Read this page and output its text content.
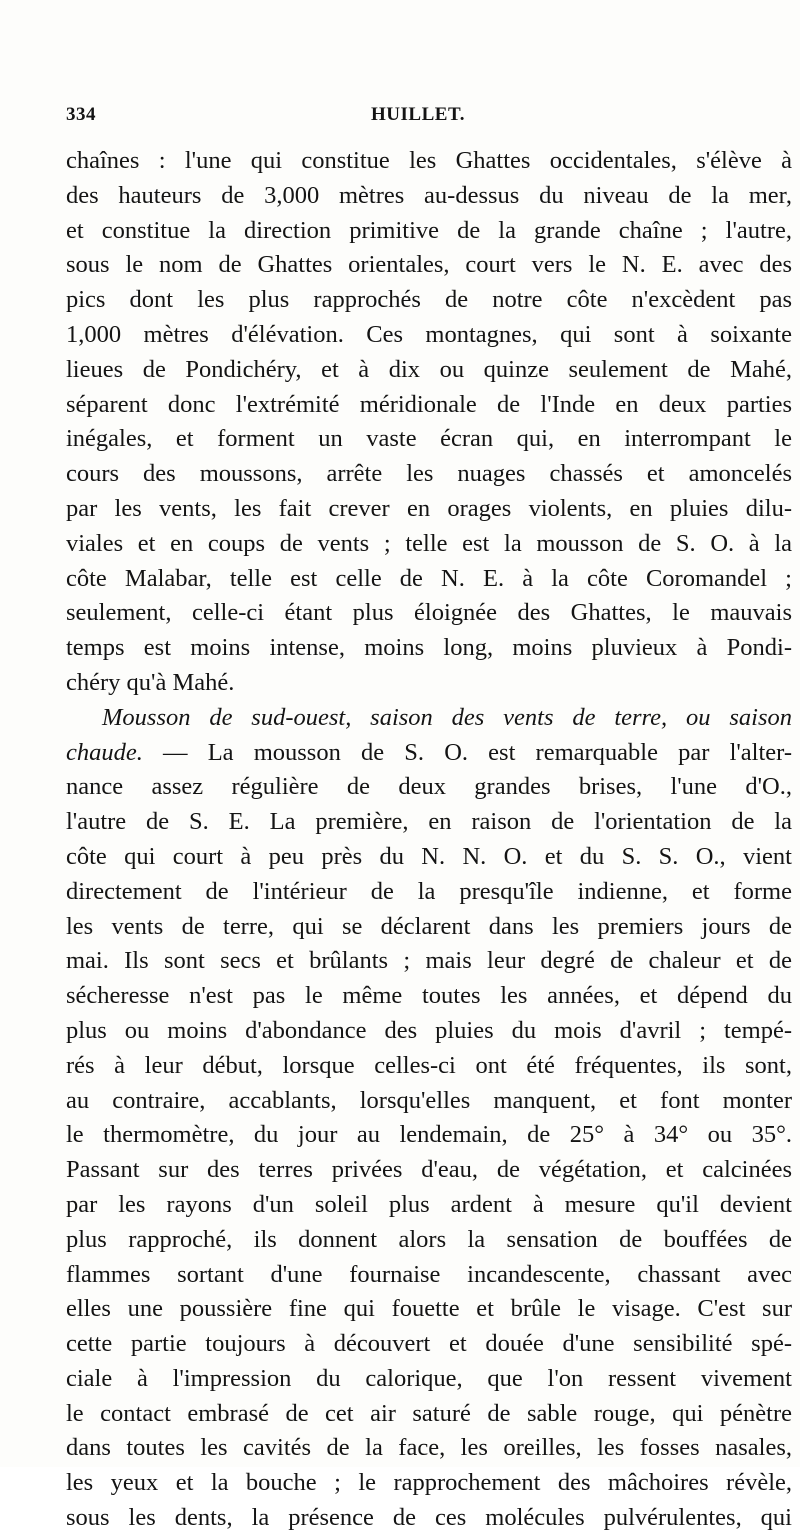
334	HUILLET.
chaînes : l'une qui constitue les Ghattes occidentales, s'élève à
des hauteurs de 3,000 mètres au-dessus du niveau de la mer,
et constitue la direction primitive de la grande chaîne ; l'autre,
sous le nom de Ghattes orientales, court vers le N. E. avec des
pics dont les plus rapprochés de notre côte n'excèdent pas
1,000 mètres d'élévation. Ces montagnes, qui sont à soixante
lieues de Pondichéry, et à dix ou quinze seulement de Mahé,
séparent donc l'extrémité méridionale de l'Inde en deux parties
inégales, et forment un vaste écran qui, en interrompant le
cours des moussons, arrête les nuages chassés et amoncelés
par les vents, les fait crever en orages violents, en pluies dilu-
viales et en coups de vents ; telle est la mousson de S. O. à la
côte Malabar, telle est celle de N. E. à la côte Coromandel ;
seulement, celle-ci étant plus éloignée des Ghattes, le mauvais
temps est moins intense, moins long, moins pluvieux à Pondi-
chéry qu'à Mahé.
Mousson de sud-ouest, saison des vents de terre, ou saison
chaude. — La mousson de S. O. est remarquable par l'alter-
nance assez régulière de deux grandes brises, l'une d'O.,
l'autre de S. E. La première, en raison de l'orientation de la
côte qui court à peu près du N. N. O. et du S. S. O., vient
directement de l'intérieur de la presqu'île indienne, et forme
les vents de terre, qui se déclarent dans les premiers jours de
mai. Ils sont secs et brûlants ; mais leur degré de chaleur et de
sécheresse n'est pas le même toutes les années, et dépend du
plus ou moins d'abondance des pluies du mois d'avril ; tempé-
rés à leur début, lorsque celles-ci ont été fréquentes, ils sont,
au contraire, accablants, lorsqu'elles manquent, et font monter
le thermomètre, du jour au lendemain, de 25° à 34° ou 35°.
Passant sur des terres privées d'eau, de végétation, et calcinées
par les rayons d'un soleil plus ardent à mesure qu'il devient
plus rapproché, ils donnent alors la sensation de bouffées de
flammes sortant d'une fournaise incandescente, chassant avec
elles une poussière fine qui fouette et brûle le visage. C'est sur
cette partie toujours à découvert et douée d'une sensibilité spé-
ciale à l'impression du calorique, que l'on ressent vivement
le contact embrasé de cet air saturé de sable rouge, qui pénètre
dans toutes les cavités de la face, les oreilles, les fosses nasales,
les yeux et la bouche ; le rapprochement des mâchoires révèle,
sous les dents, la présence de ces molécules pulvérulentes, qui
